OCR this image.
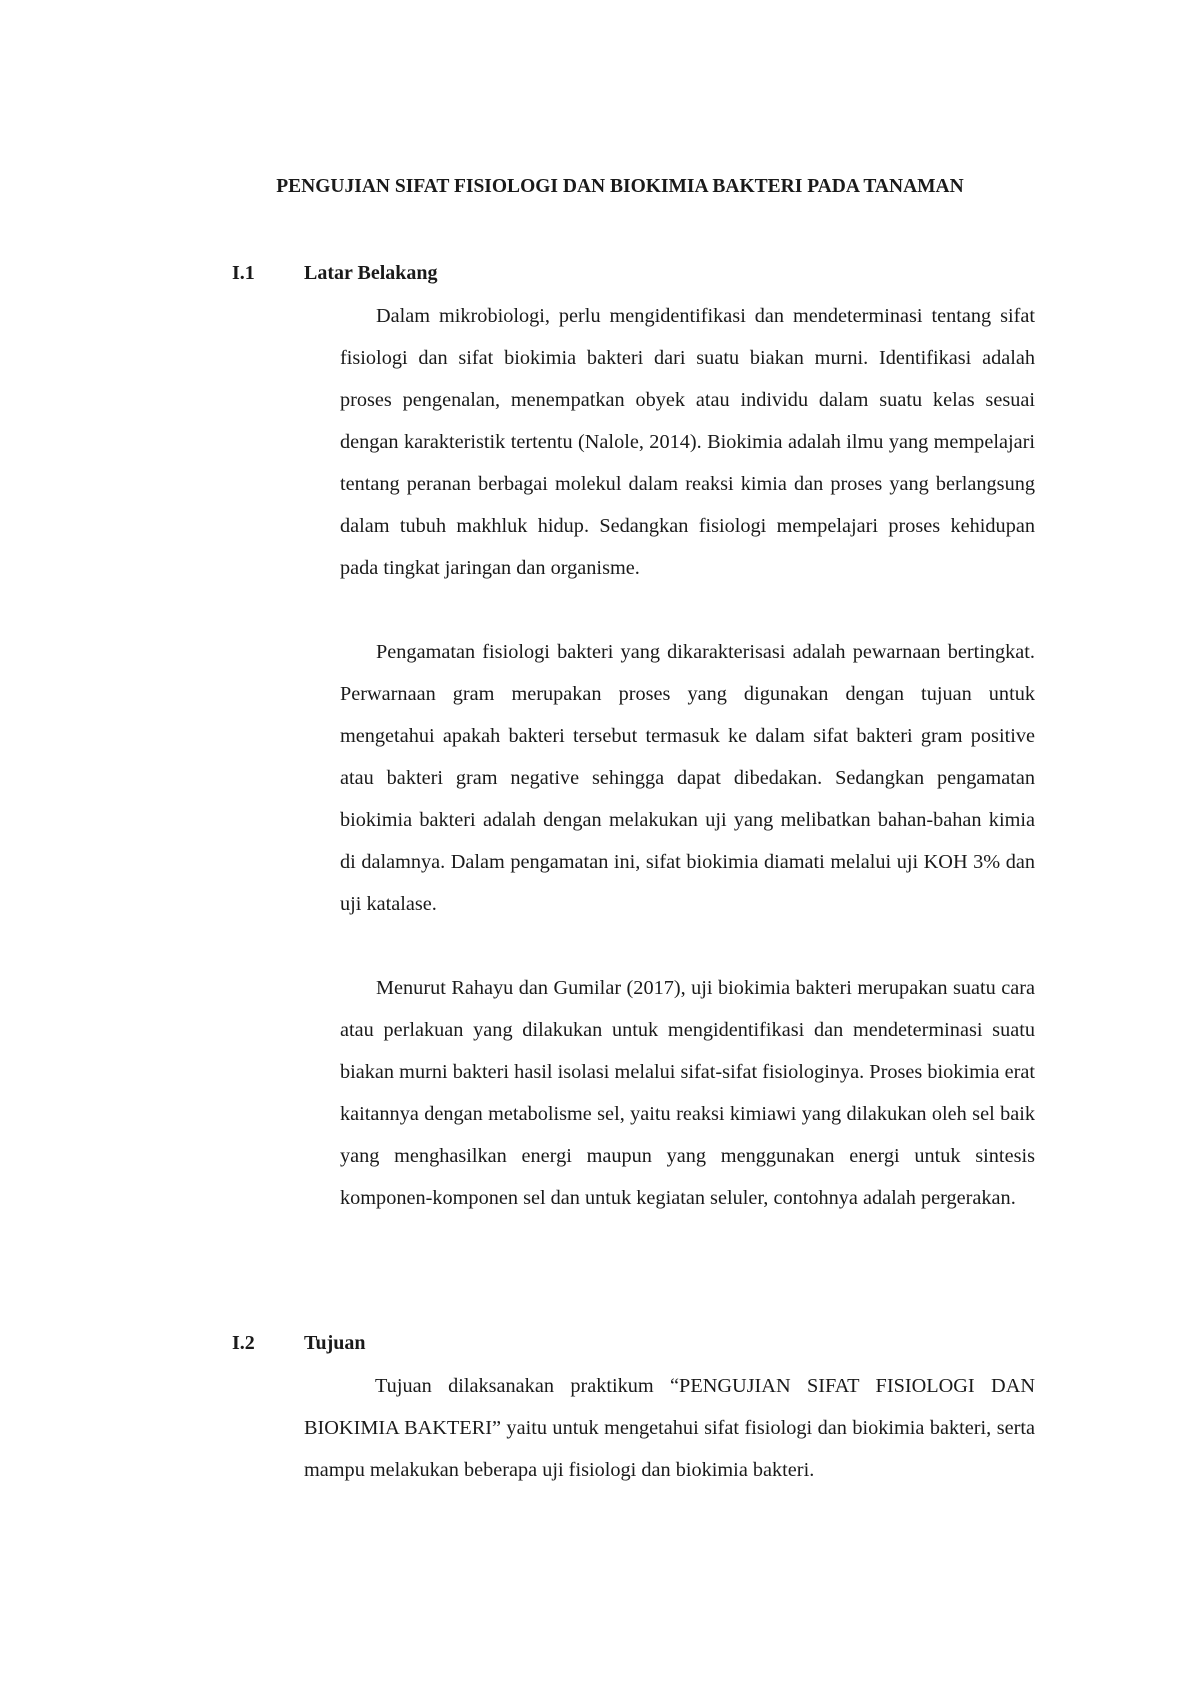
PENGUJIAN SIFAT FISIOLOGI DAN BIOKIMIA BAKTERI PADA TANAMAN
I.1 Latar Belakang

Dalam mikrobiologi, perlu mengidentifikasi dan mendeterminasi tentang sifat fisiologi dan sifat biokimia bakteri dari suatu biakan murni. Identifikasi adalah proses pengenalan, menempatkan obyek atau individu dalam suatu kelas sesuai dengan karakteristik tertentu (Nalole, 2014). Biokimia adalah ilmu yang mempelajari tentang peranan berbagai molekul dalam reaksi kimia dan proses yang berlangsung dalam tubuh makhluk hidup. Sedangkan fisiologi mempelajari proses kehidupan pada tingkat jaringan dan organisme.

Pengamatan fisiologi bakteri yang dikarakterisasi adalah pewarnaan bertingkat. Perwarnaan gram merupakan proses yang digunakan dengan tujuan untuk mengetahui apakah bakteri tersebut termasuk ke dalam sifat bakteri gram positive atau bakteri gram negative sehingga dapat dibedakan. Sedangkan pengamatan biokimia bakteri adalah dengan melakukan uji yang melibatkan bahan-bahan kimia di dalamnya. Dalam pengamatan ini, sifat biokimia diamati melalui uji KOH 3% dan uji katalase.

Menurut Rahayu dan Gumilar (2017), uji biokimia bakteri merupakan suatu cara atau perlakuan yang dilakukan untuk mengidentifikasi dan mendeterminasi suatu biakan murni bakteri hasil isolasi melalui sifat-sifat fisiologinya. Proses biokimia erat kaitannya dengan metabolisme sel, yaitu reaksi kimiawi yang dilakukan oleh sel baik yang menghasilkan energi maupun yang menggunakan energi untuk sintesis komponen-komponen sel dan untuk kegiatan seluler, contohnya adalah pergerakan.

I.2 Tujuan

Tujuan dilaksanakan praktikum “PENGUJIAN SIFAT FISIOLOGI DAN BIOKIMIA BAKTERI” yaitu untuk mengetahui sifat fisiologi dan biokimia bakteri, serta mampu melakukan beberapa uji fisiologi dan biokimia bakteri.
